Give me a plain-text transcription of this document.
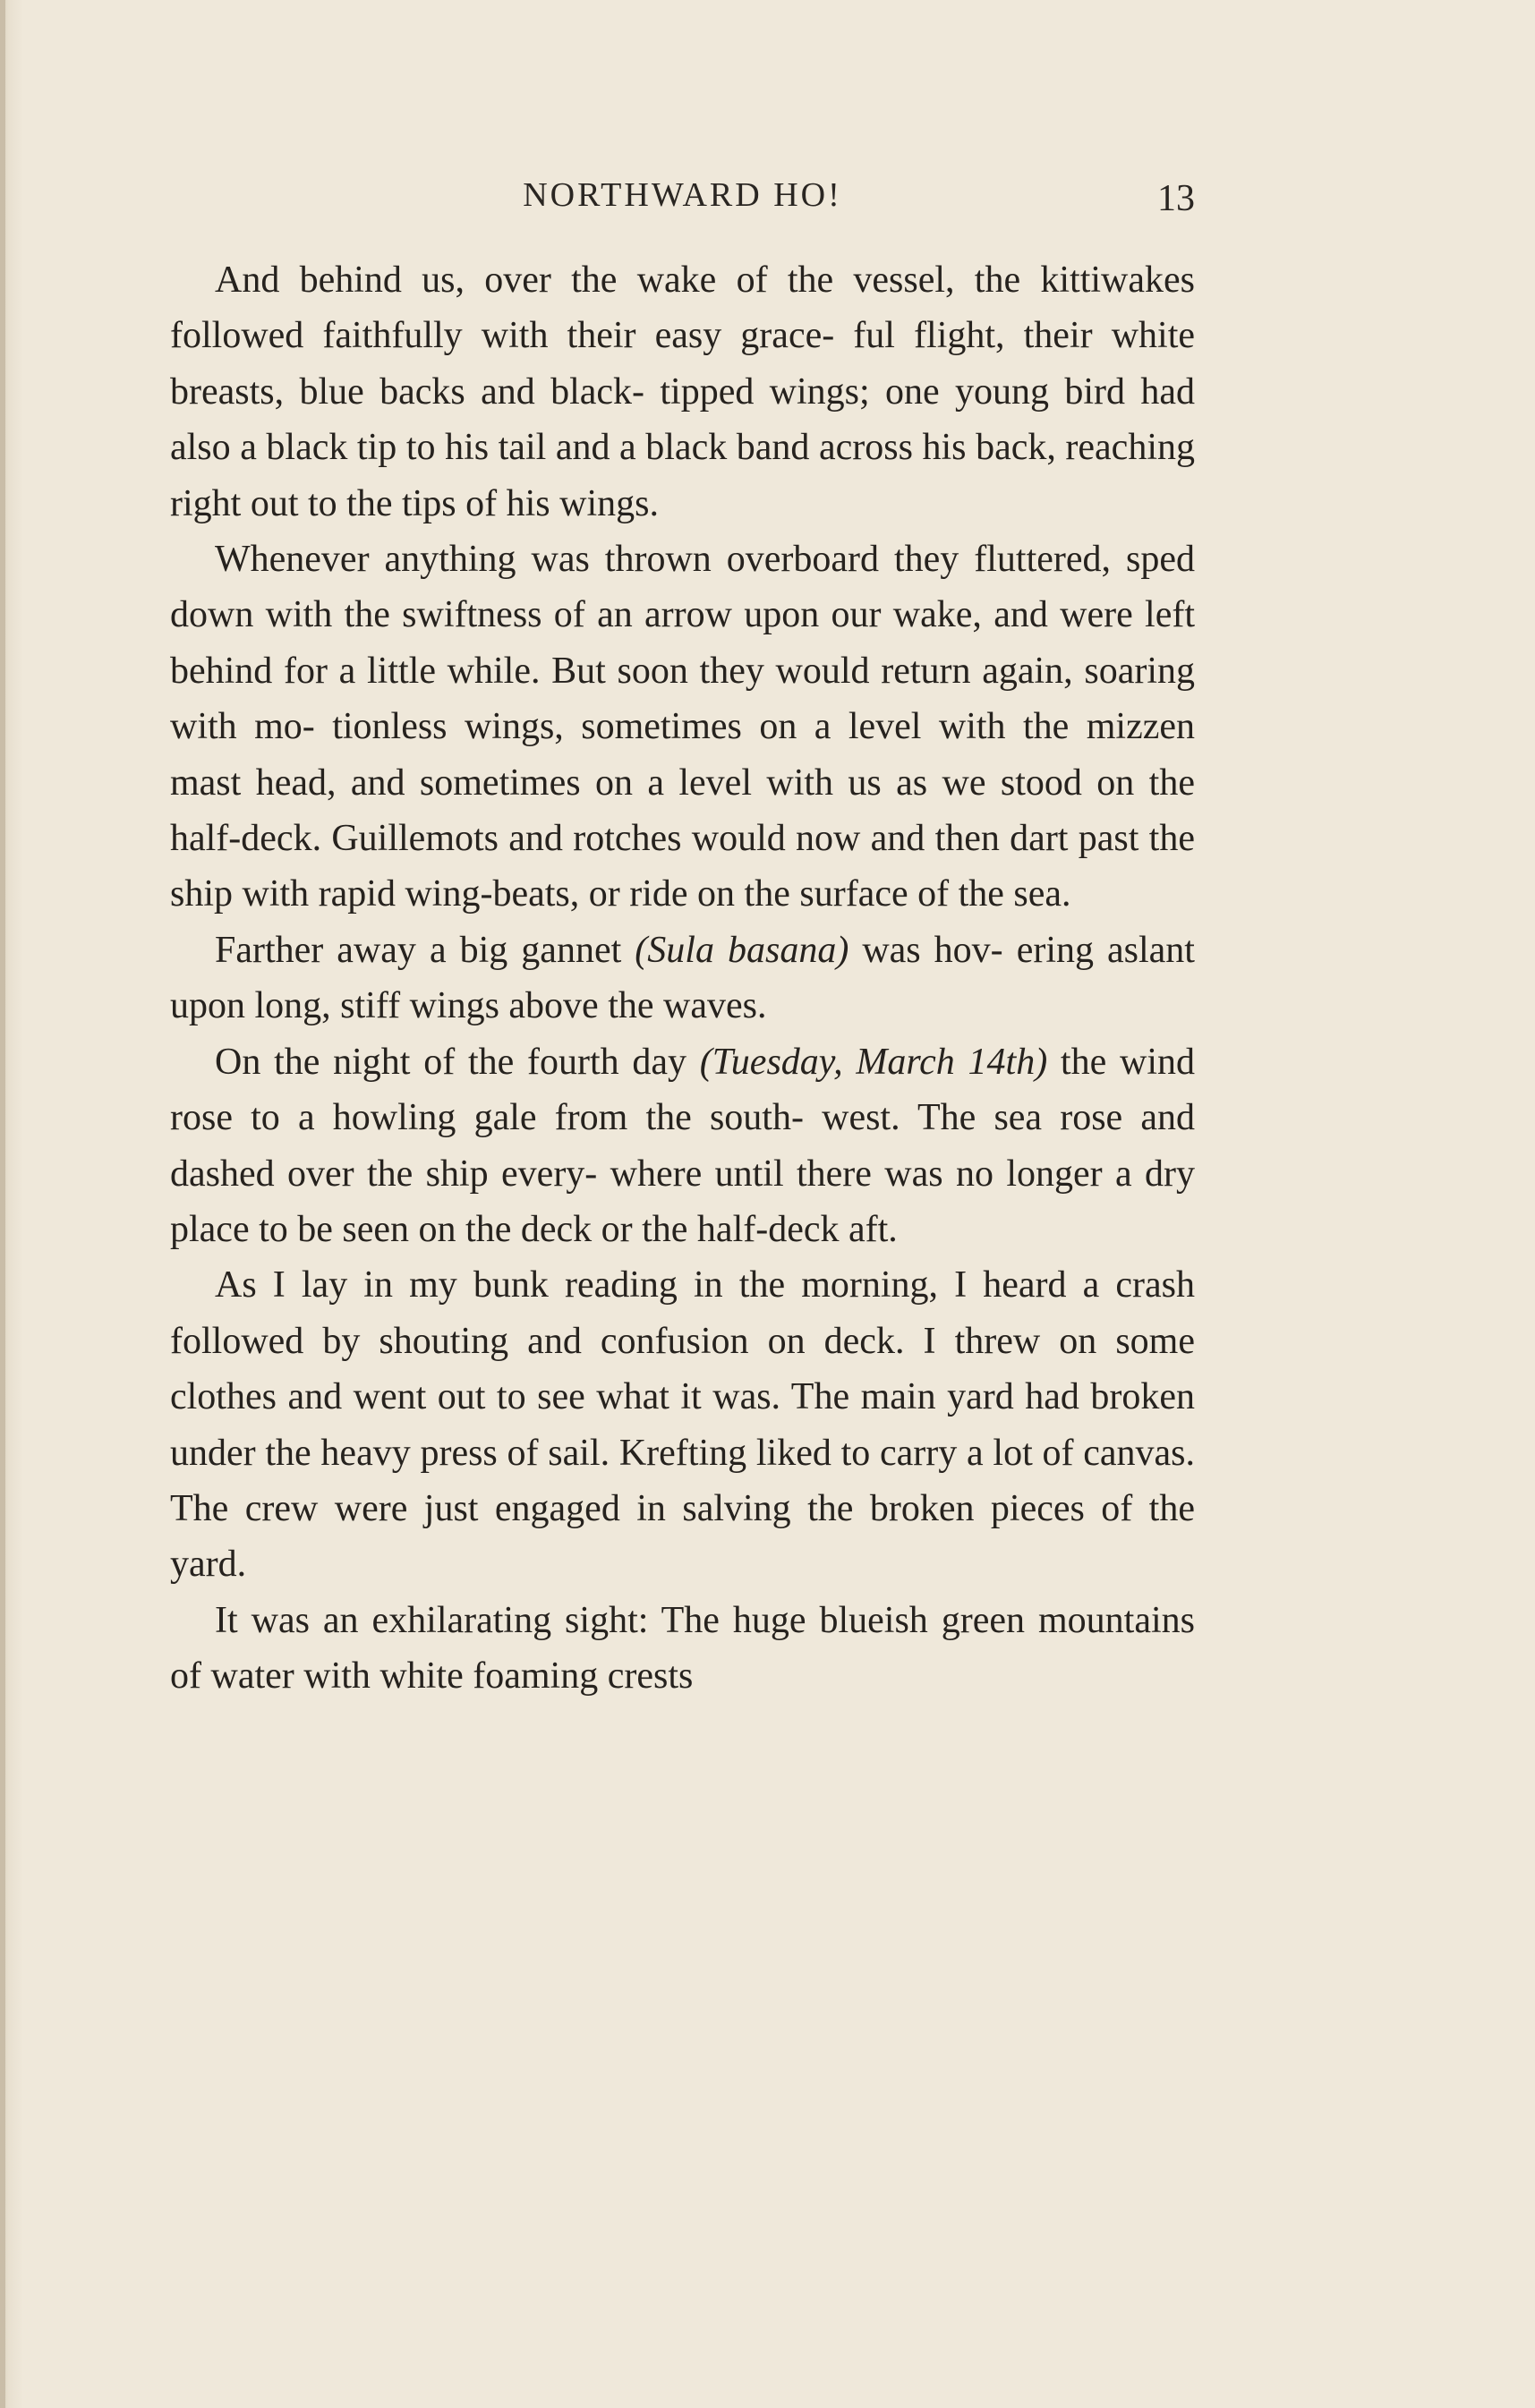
NORTHWARD HO!	13

And behind us, over the wake of the vessel, the kittiwakes followed faithfully with their easy grace- ful flight, their white breasts, blue backs and black- tipped wings; one young bird had also a black tip to his tail and a black band across his back, reaching right out to the tips of his wings.

Whenever anything was thrown overboard they fluttered, sped down with the swiftness of an arrow upon our wake, and were left behind for a little while. But soon they would return again, soaring with mo- tionless wings, sometimes on a level with the mizzen mast head, and sometimes on a level with us as we stood on the half-deck. Guillemots and rotches would now and then dart past the ship with rapid wing-beats, or ride on the surface of the sea.

Farther away a big gannet (Sula basana) was hov- ering aslant upon long, stiff wings above the waves.

On the night of the fourth day (Tuesday, March 14th) the wind rose to a howling gale from the south- west. The sea rose and dashed over the ship every- where until there was no longer a dry place to be seen on the deck or the half-deck aft.

As I lay in my bunk reading in the morning, I heard a crash followed by shouting and confusion on deck. I threw on some clothes and went out to see what it was. The main yard had broken under the heavy press of sail. Krefting liked to carry a lot of canvas. The crew were just engaged in salving the broken pieces of the yard.

It was an exhilarating sight: The huge blueish green mountains of water with white foaming crests
